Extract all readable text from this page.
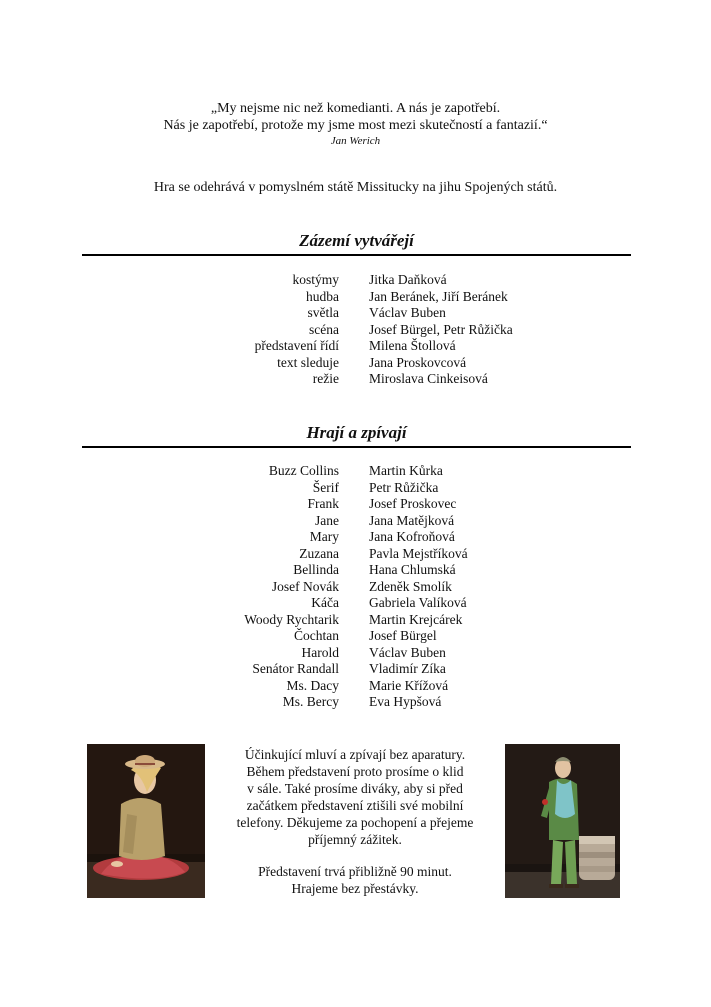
„My nejsme nic než komedianti. A nás je zapotřebí.
Nás je zapotřebí, protože my jsme most mezi skutečností a fantazií.“
Jan Werich
Hra se odehrává v pomyslném státě Missitucky na jihu Spojených států.
Zázemí vytvářejí
kostýmy Jitka Daňková
hudba Jan Beránek, Jiří Beránek
světla Václav Buben
scéna Josef Bürgel, Petr Růžička
představení řídí Milena Štollová
text sleduje Jana Proskovcová
režie Miroslava Cinkeisová
Hrají a zpívají
Buzz Collins Martin Kůrka
Šerif Petr Růžička
Frank Josef Proskovec
Jane Jana Matějková
Mary Jana Kofroňová
Zuzana Pavla Mejstříková
Bellinda Hana Chlumská
Josef Novák Zdeněk Smolík
Káča Gabriela Valíková
Woody Rychtarik Martin Krejcárek
Čochtan Josef Bürgel
Harold Václav Buben
Senátor Randall Vladimír Zíka
Ms. Dacy Marie Křížová
Ms. Bercy Eva Hypšová

Účinkující mluví a zpívají bez aparatury.
Během představení proto prosíme o klid
v sále. Také prosíme diváky, aby si před
začátkem představení ztišili své mobilní
telefony. Děkujeme za pochopení a přejeme
příjemný zážitek.

Představení trvá přibližně 90 minut.
Hrajeme bez přestávky.
